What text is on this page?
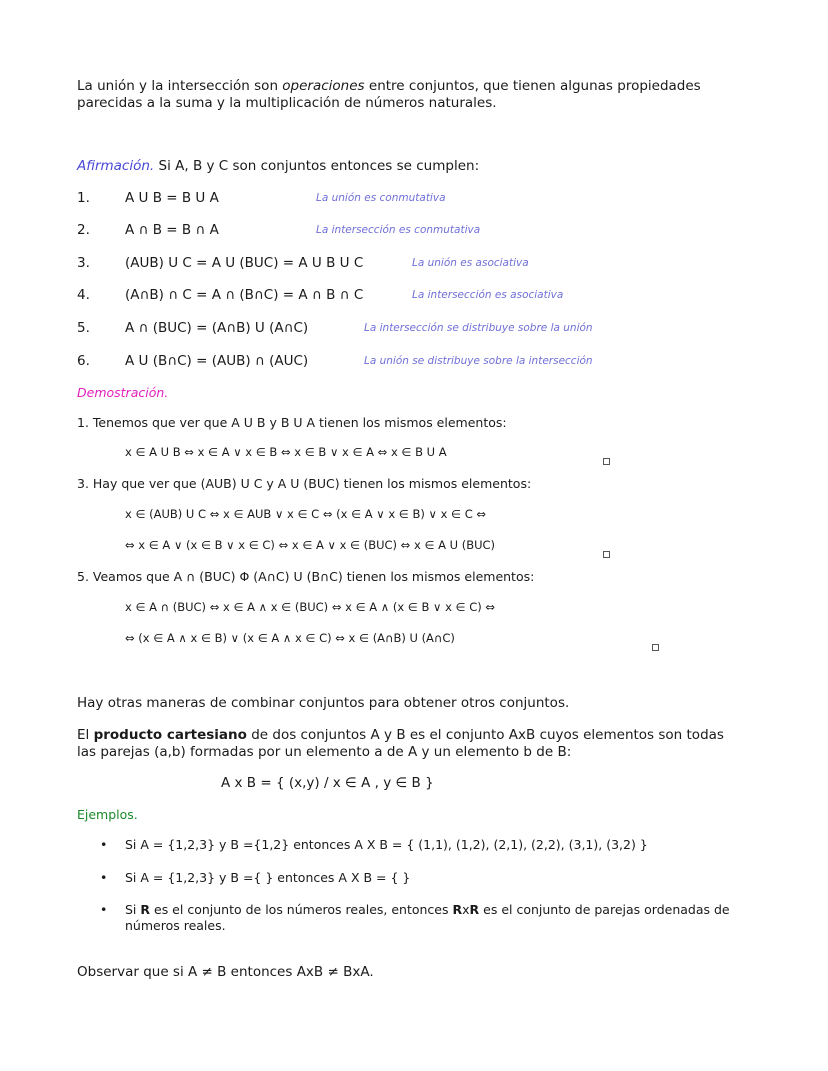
La unión y la intersección son operaciones entre conjuntos, que tienen algunas propiedades
parecidas a la suma y la multiplicación de números naturales.
Afirmación. Si A, B y C son conjuntos entonces se cumplen:
1.	A U B = B U A	La unión es conmutativa
2.	A ∩ B = B ∩ A	La intersección es conmutativa
3.	(AUB) U C = A U (BUC) = A U B U C	La unión es asociativa
4.	(A∩B) ∩ C = A ∩ (B∩C) = A ∩ B ∩ C	La intersección es asociativa
5.	A ∩ (BUC) = (A∩B) U (A∩C)	La intersección se distribuye sobre la unión
6.	A U (B∩C) = (AUB) ∩ (AUC)	La unión se distribuye sobre la intersección
Demostración.
1. Tenemos que ver que A U B y B U A tienen los mismos elementos:
x ∈ A U B ⇔ x ∈ A ∨ x ∈ B ⇔ x ∈ B ∨ x ∈ A ⇔ x ∈ B U A
3. Hay que ver que (AUB) U C y A U (BUC) tienen los mismos elementos:
x ∈ (AUB) U C ⇔ x ∈ AUB ∨ x ∈ C ⇔ (x ∈ A ∨ x ∈ B) ∨ x ∈ C ⇔
⇔ x ∈ A ∨ (x ∈ B ∨ x ∈ C) ⇔ x ∈ A ∨ x ∈ (BUC) ⇔ x ∈ A U (BUC)
5. Veamos que A ∩ (BUC) Φ (A∩C) U (B∩C) tienen los mismos elementos:
x ∈ A ∩ (BUC) ⇔ x ∈ A ∧ x ∈ (BUC) ⇔ x ∈ A ∧ (x ∈ B ∨ x ∈ C) ⇔
⇔ (x ∈ A ∧ x ∈ B) ∨ (x ∈ A ∧ x ∈ C) ⇔ x ∈ (A∩B) U (A∩C)
Hay otras maneras de combinar conjuntos para obtener otros conjuntos.
El producto cartesiano de dos conjuntos A y B es el conjunto AxB cuyos elementos son todas
las parejas (a,b) formadas por un elemento a de A y un elemento b de B:
A x B = { (x,y) / x ∈ A , y ∈ B }
Ejemplos.
• Si A = {1,2,3} y B ={1,2} entonces A X B = { (1,1), (1,2), (2,1), (2,2), (3,1), (3,2) }
• Si A = {1,2,3} y B ={ } entonces A X B = { }
• Si R es el conjunto de los números reales, entonces RxR es el conjunto de parejas ordenadas de
números reales.
Observar que si A ≠ B entonces AxB ≠ BxA.
